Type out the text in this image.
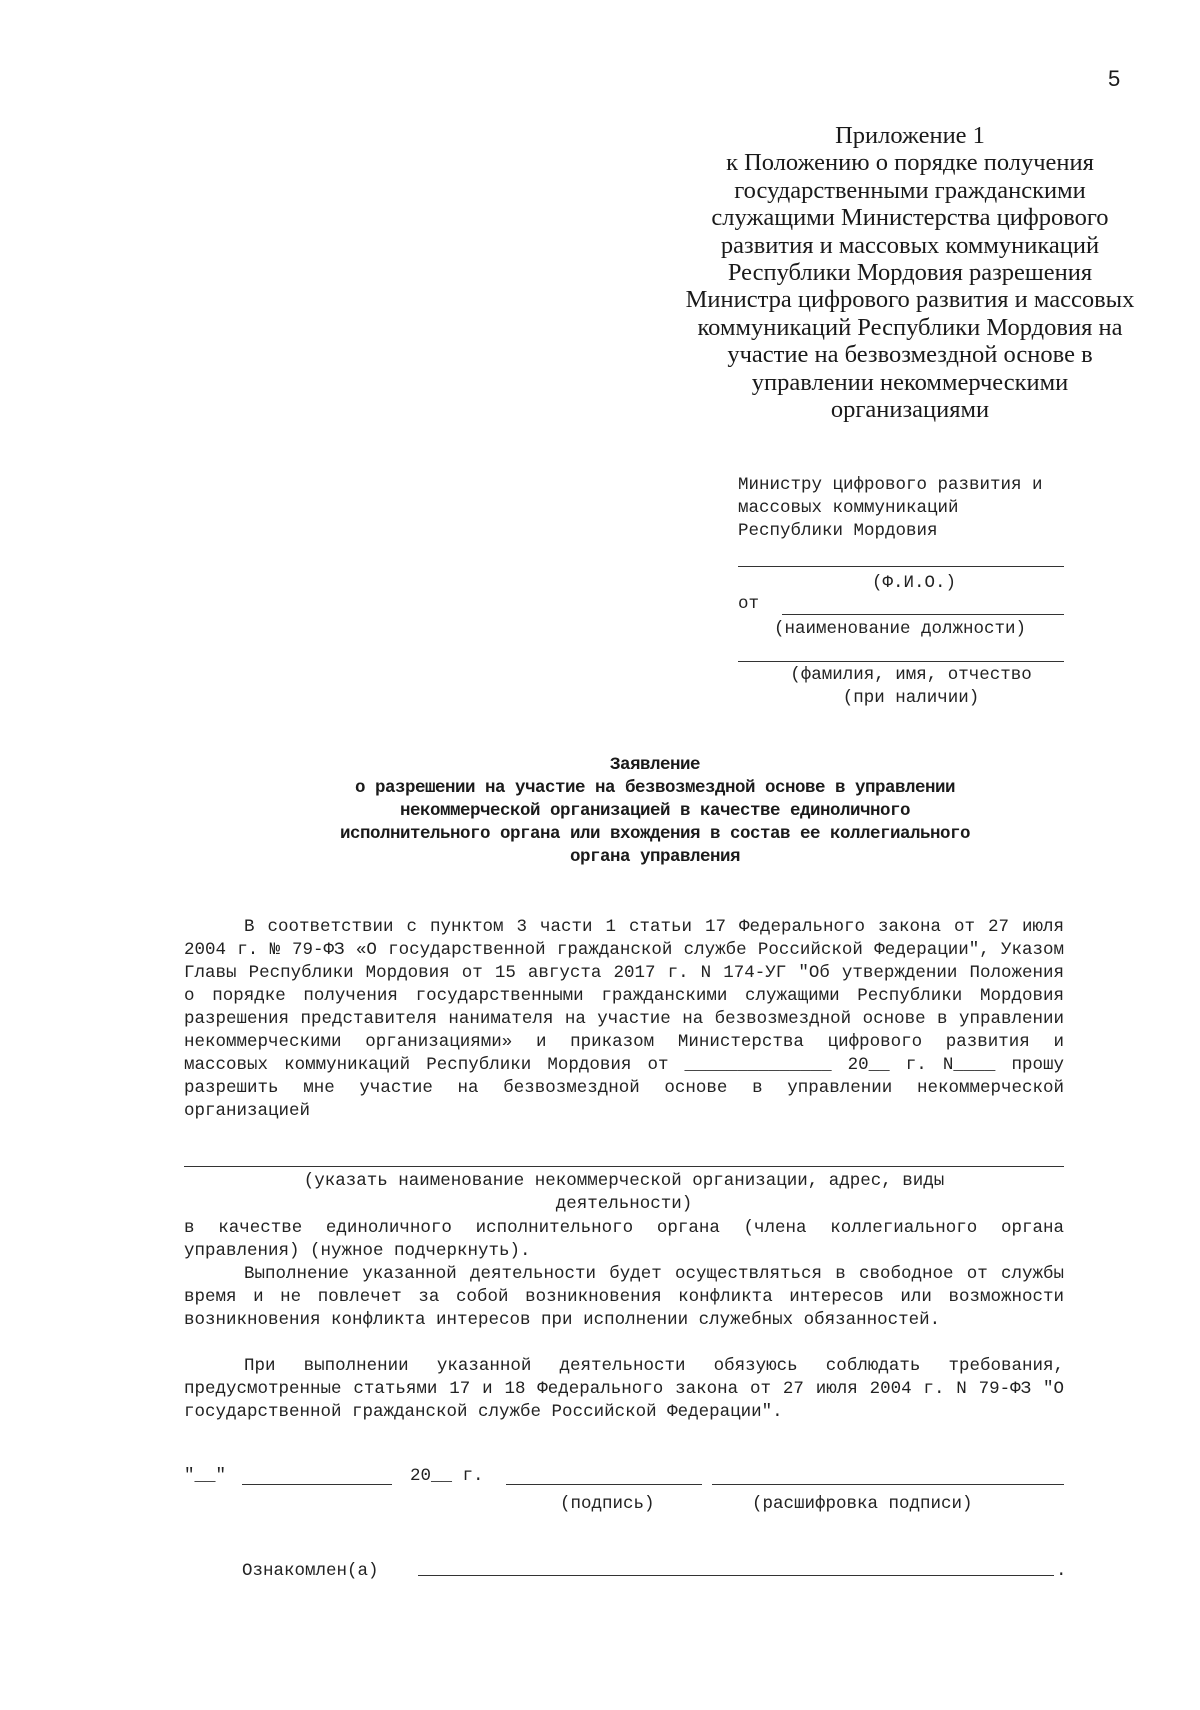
5
Приложение 1
к Положению о порядке получения
государственными гражданскими
служащими Министерства цифрового
развития и массовых коммуникаций
Республики Мордовия разрешения
Министра цифрового развития и массовых
коммуникаций Республики Мордовия на
участие на безвозмездной основе в
управлении некоммерческими
организациями
Министру цифрового развития и
массовых коммуникаций
Республики Мордовия
(Ф.И.О.)
от
(наименование должности)
(фамилия, имя, отчество
(при наличии)
Заявление
о разрешении на участие на безвозмездной основе в управлении
некоммерческой организацией в качестве единоличного
исполнительного органа или вхождения в состав ее коллегиального
органа управления
В соответствии с пунктом 3 части 1 статьи 17 Федерального закона от 27 июля 2004 г. № 79-ФЗ «О государственной гражданской службе Российской Федерации", Указом Главы Республики Мордовия от 15 августа 2017 г. N 174-УГ "Об утверждении Положения о порядке получения государственными гражданскими служащими Республики Мордовия разрешения представителя нанимателя на участие на безвозмездной основе в управлении некоммерческими организациями» и приказом Министерства цифрового развития и массовых коммуникаций Республики Мордовия от ______________ 20__ г. N____ прошу разрешить мне участие на безвозмездной основе в управлении некоммерческой организацией
(указать наименование некоммерческой организации, адрес, виды
деятельности)
в качестве единоличного исполнительного органа (члена коллегиального органа управления) (нужное подчеркнуть).
Выполнение указанной деятельности будет осуществляться в свободное от службы время и не повлечет за собой возникновения конфликта интересов или возможности возникновения конфликта интересов при исполнении служебных обязанностей.
При выполнении указанной деятельности обязуюсь соблюдать требования, предусмотренные статьями 17 и 18 Федерального закона от 27 июля 2004 г. N 79-ФЗ "О государственной гражданской службе Российской Федерации".
"__"	20__ г.
(подпись)	(расшифровка подписи)
Ознакомлен(а)	.
